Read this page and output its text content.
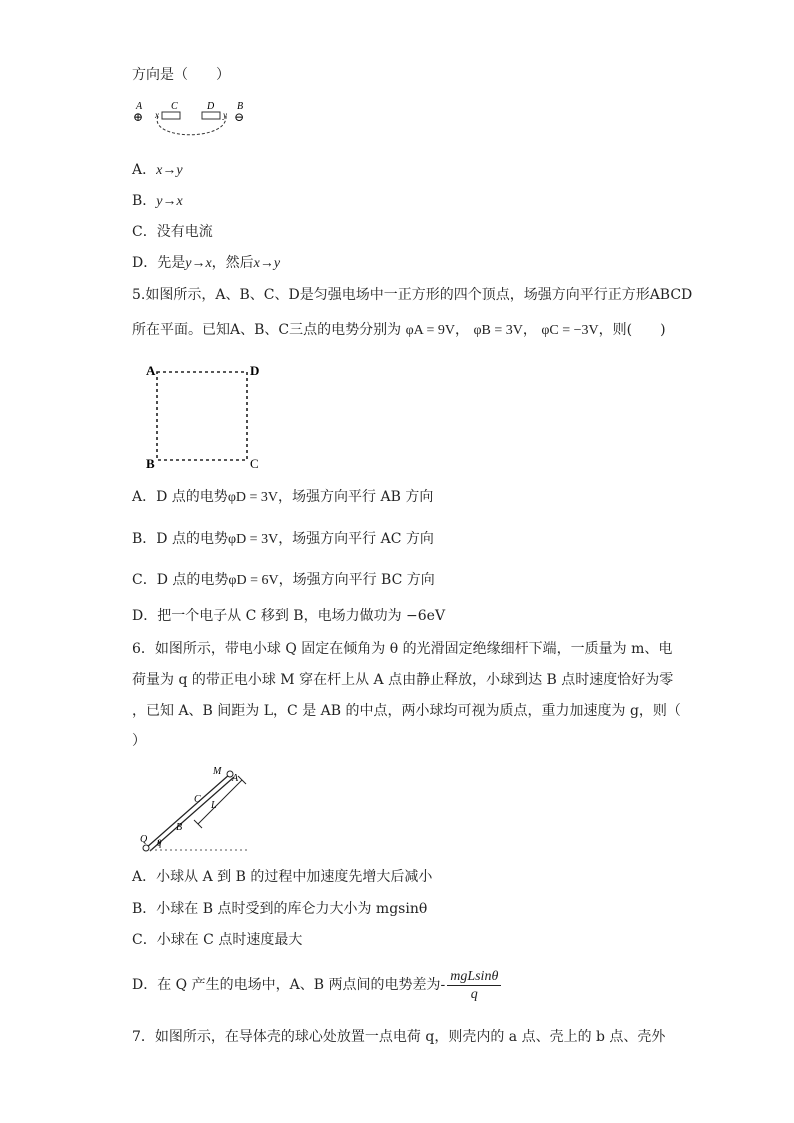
方向是（　　）
A
⊕
C
x
D
y
B
⊖
A．x→y
B．y→x
C．没有电流
D．先是y→x，然后x→y
5.如图所示，A、B、C、D是匀强电场中一正方形的四个顶点，场强方向平行正方形ABCD
所在平面。已知A、B、C三点的电势分别为 φA = 9V， φB = 3V， φC = −3V，则(　　)
A	D
B	C
A．D 点的电势φD = 3V，场强方向平行 AB 方向
B．D 点的电势φD = 3V，场强方向平行 AC 方向
C．D 点的电势φD = 6V，场强方向平行 BC 方向
D．把一个电子从 C 移到 B，电场力做功为 −6eV
6．如图所示，带电小球 Q 固定在倾角为 θ 的光滑固定绝缘细杆下端，一质量为 m、电
荷量为 q 的带正电小球 M 穿在杆上从 A 点由静止释放，小球到达 B 点时速度恰好为零
，已知 A、B 间距为 L，C 是 AB 的中点，两小球均可视为质点，重力加速度为 g，则（
）
M
A
C
L
B
Q θ
A．小球从 A 到 B 的过程中加速度先增大后减小
B．小球在 B 点时受到的库仑力大小为 mgsinθ
C．小球在 C 点时速度最大
D．在 Q 产生的电场中，A、B 两点间的电势差为- $\frac{\text{mgLsinθ}}{q}$
7．如图所示，在导体壳的球心处放置一点电荷 q，则壳内的 a 点、壳上的 b 点、壳外
